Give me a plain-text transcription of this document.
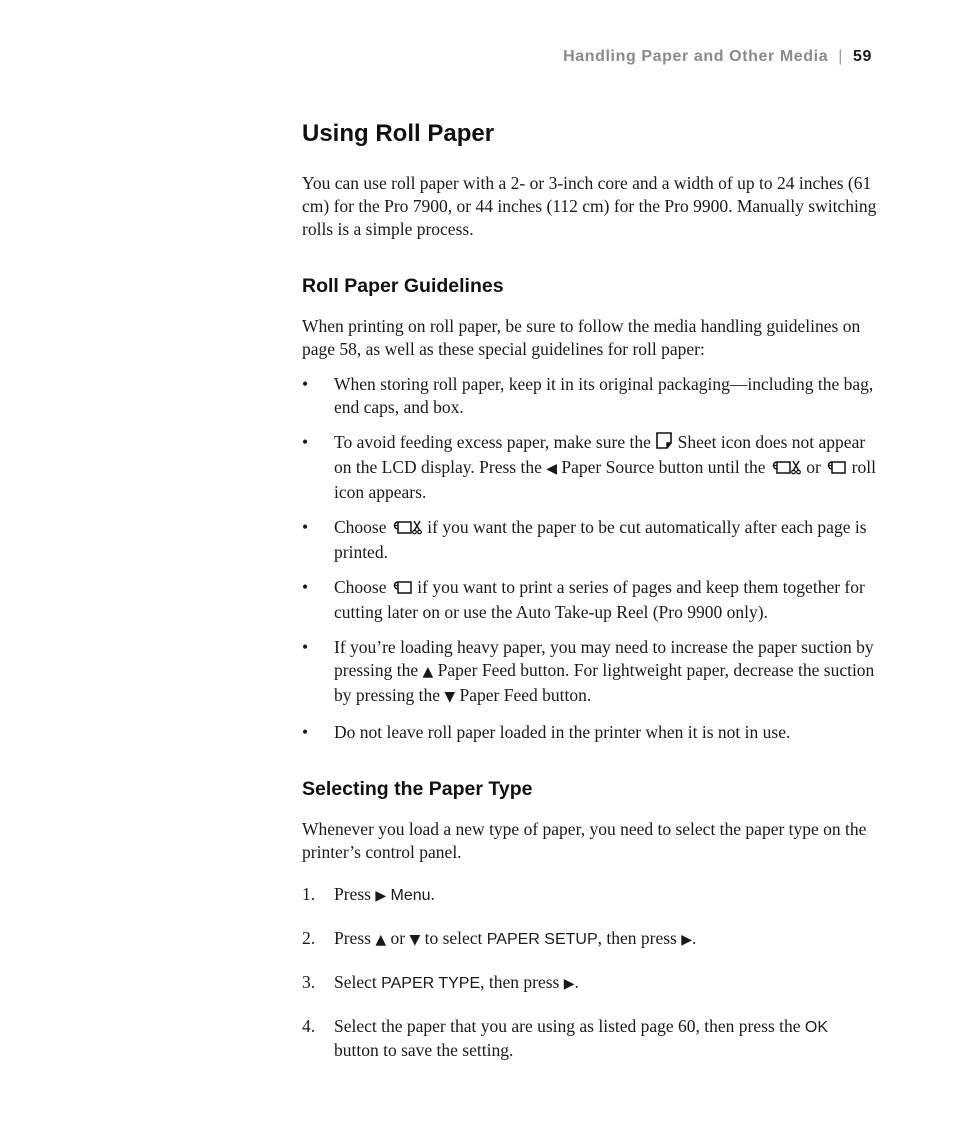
Handling Paper and Other Media | 59
Using Roll Paper

You can use roll paper with a 2- or 3-inch core and a width of up to 24 inches (61 cm) for the Pro 7900, or 44 inches (112 cm) for the Pro 9900. Manually switching rolls is a simple process.

Roll Paper Guidelines

When printing on roll paper, be sure to follow the media handling guidelines on page 58, as well as these special guidelines for roll paper:

• When storing roll paper, keep it in its original packaging—including the bag, end caps, and box.
• To avoid feeding excess paper, make sure the  Sheet icon does not appear on the LCD display. Press the ◀ Paper Source button until the  or  roll icon appears.
• Choose  if you want the paper to be cut automatically after each page is printed.
• Choose  if you want to print a series of pages and keep them together for cutting later on or use the Auto Take-up Reel (Pro 9900 only).
• If you’re loading heavy paper, you may need to increase the paper suction by pressing the ▲ Paper Feed button. For lightweight paper, decrease the suction by pressing the ▼ Paper Feed button.
• Do not leave roll paper loaded in the printer when it is not in use.
Selecting the Paper Type

Whenever you load a new type of paper, you need to select the paper type on the printer’s control panel.

1. Press ▶ Menu.
2. Press ▲ or ▼ to select PAPER SETUP, then press ▶.
3. Select PAPER TYPE, then press ▶.
4. Select the paper that you are using as listed page 60, then press the OK button to save the setting.
